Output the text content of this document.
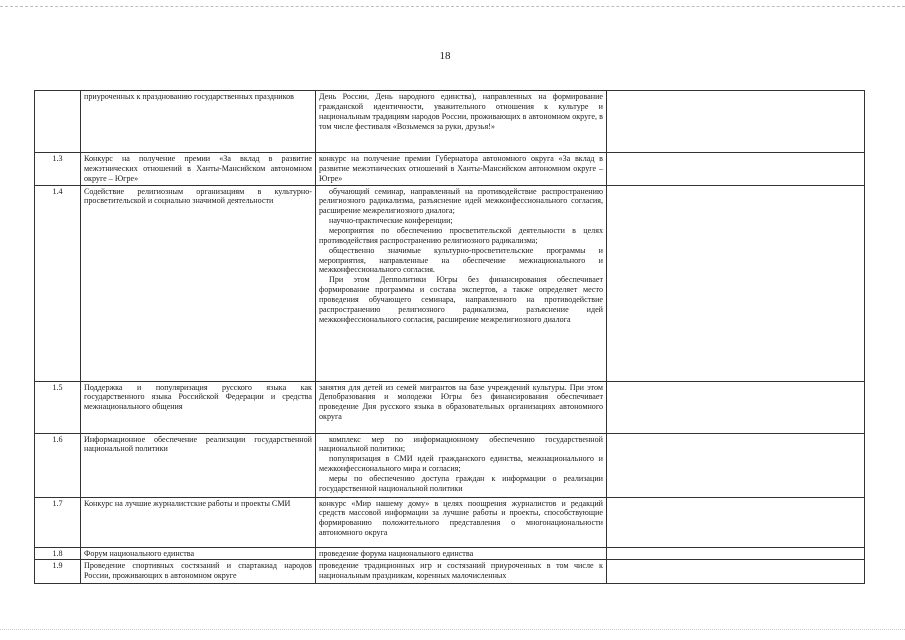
18
	приуроченных к празднованию государственных праздников	День России, День народного единства), направленных на формирование гражданской идентичности, уважительного отношения к культуре и национальным традициям народов России, проживающих в автономном округе, в том числе фестиваля «Возьмемся за руки, друзья!»	

1.3	Конкурс на получение премии «За вклад в развитие межэтнических отношений в Ханты-Мансийском автономном округе – Югре»	конкурс на получение премии Губернатора автономного округа «За вклад в развитие межэтнических отношений в Ханты-Мансийском автономном округе – Югре»	

1.4	Содействие религиозным организациям в культурно-просветительской и социально значимой деятельности	обучающий семинар, направленный на противодействие распространению религиозного радикализма, разъяснение идей межконфессионального согласия, расширение межрелигиозного диалога;
научно-практические конференции;
мероприятия по обеспечению просветительской деятельности в целях противодействия распространению религиозного радикализма;
общественно значимые культурно-просветительские программы и мероприятия, направленные на обеспечение межнационального и межконфессионального согласия.
При этом Депполитики Югры без финансирования обеспечивает формирование программы и состава экспертов, а также определяет место проведения обучающего семинара, направленного на противодействие распространению религиозного радикализма, разъяснение идей межконфессионального согласия, расширение межрелигиозного диалога	

1.5	Поддержка и популяризация русского языка как государственного языка Российской Федерации и средства межнационального общения	занятия для детей из семей мигрантов на базе учреждений культуры. При этом Депобразования и молодежи Югры без финансирования обеспечивает проведение Дня русского языка в образовательных организациях автономного округа	

1.6	Информационное обеспечение реализации государственной национальной политики	комплекс мер по информационному обеспечению государственной национальной политики;
популяризация в СМИ идей гражданского единства, межнационального и межконфессионального мира и согласия;
меры по обеспечению доступа граждан к информации о реализации государственной национальной политики	

1.7	Конкурс на лучшие журналистские работы и проекты СМИ	конкурс «Мир нашему дому» в целях поощрения журналистов и редакций средств массовой информации за лучшие работы и проекты, способствующие формированию положительного представления о многонациональности автономного округа	

1.8	Форум национального единства	проведение форума национального единства	

1.9	Проведение спортивных состязаний и спартакиад народов России, проживающих в автономном округе	проведение традиционных игр и состязаний приуроченных в том числе к национальным праздникам, коренных малочисленных	
